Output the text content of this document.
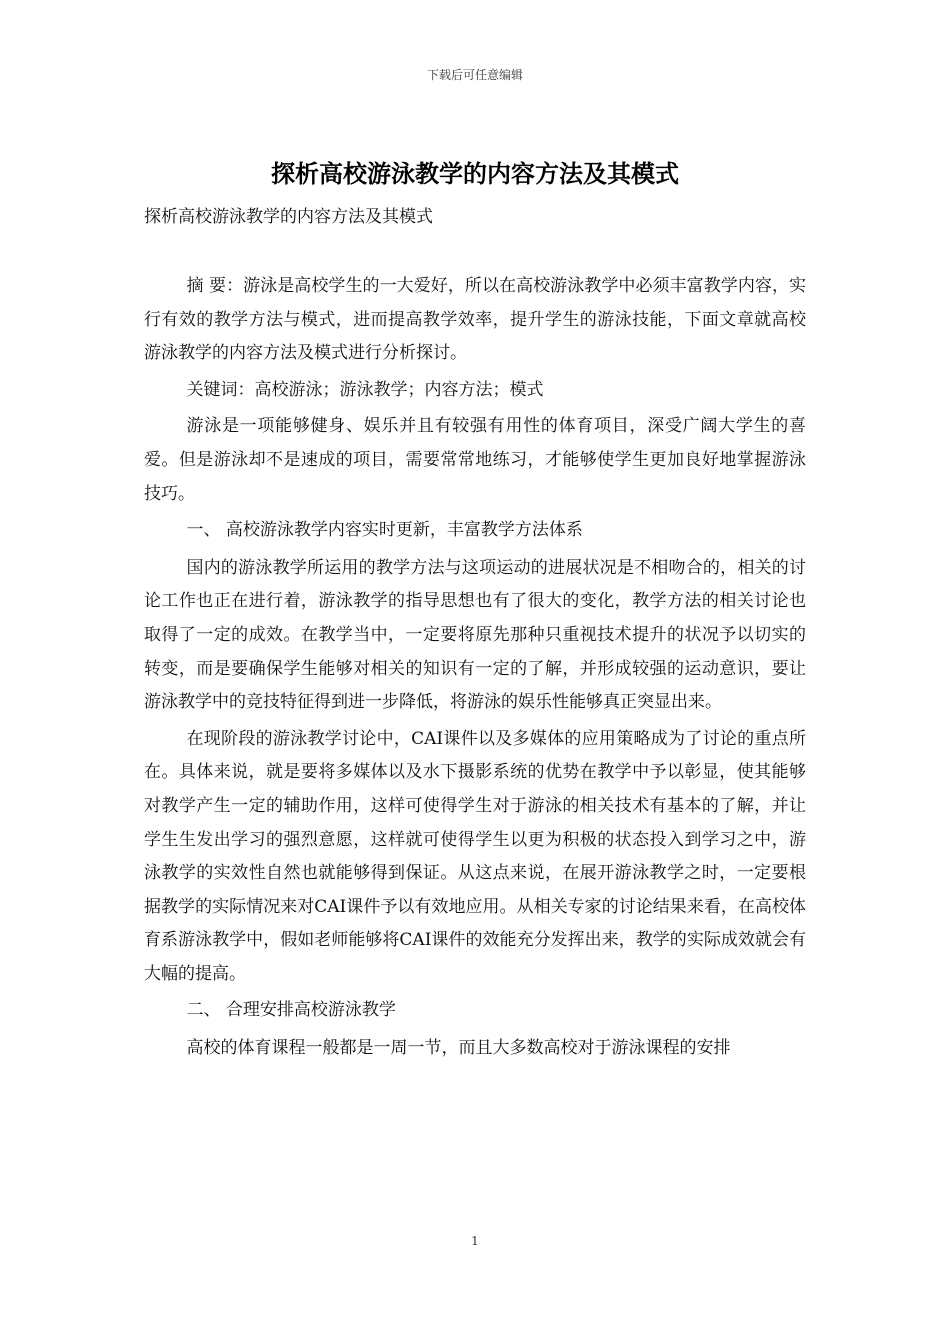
下载后可任意编辑
探析高校游泳教学的内容方法及其模式
探析高校游泳教学的内容方法及其模式

摘 要：游泳是高校学生的一大爱好，所以在高校游泳教学中必须丰富教学内容，实行有效的教学方法与模式，进而提高教学效率，提升学生的游泳技能，下面文章就高校游泳教学的内容方法及模式进行分析探讨。

关键词：高校游泳；游泳教学；内容方法；模式

游泳是一项能够健身、娱乐并且有较强有用性的体育项目，深受广阔大学生的喜爱。但是游泳却不是速成的项目，需要常常地练习，才能够使学生更加良好地掌握游泳技巧。

一、 高校游泳教学内容实时更新，丰富教学方法体系

国内的游泳教学所运用的教学方法与这项运动的进展状况是不相吻合的，相关的讨论工作也正在进行着，游泳教学的指导思想也有了很大的变化，教学方法的相关讨论也取得了一定的成效。在教学当中，一定要将原先那种只重视技术提升的状况予以切实的转变，而是要确保学生能够对相关的知识有一定的了解，并形成较强的运动意识，要让游泳教学中的竞技特征得到进一步降低，将游泳的娱乐性能够真正突显出来。

在现阶段的游泳教学讨论中，CAI课件以及多媒体的应用策略成为了讨论的重点所在。具体来说，就是要将多媒体以及水下摄影系统的优势在教学中予以彰显，使其能够对教学产生一定的辅助作用，这样可使得学生对于游泳的相关技术有基本的了解，并让学生生发出学习的强烈意愿，这样就可使得学生以更为积极的状态投入到学习之中，游泳教学的实效性自然也就能够得到保证。从这点来说，在展开游泳教学之时，一定要根据教学的实际情况来对CAI课件予以有效地应用。从相关专家的讨论结果来看，在高校体育系游泳教学中，假如老师能够将CAI课件的效能充分发挥出来，教学的实际成效就会有大幅的提高。

二、 合理安排高校游泳教学

高校的体育课程一般都是一周一节，而且大多数高校对于游泳课程的安排

1
